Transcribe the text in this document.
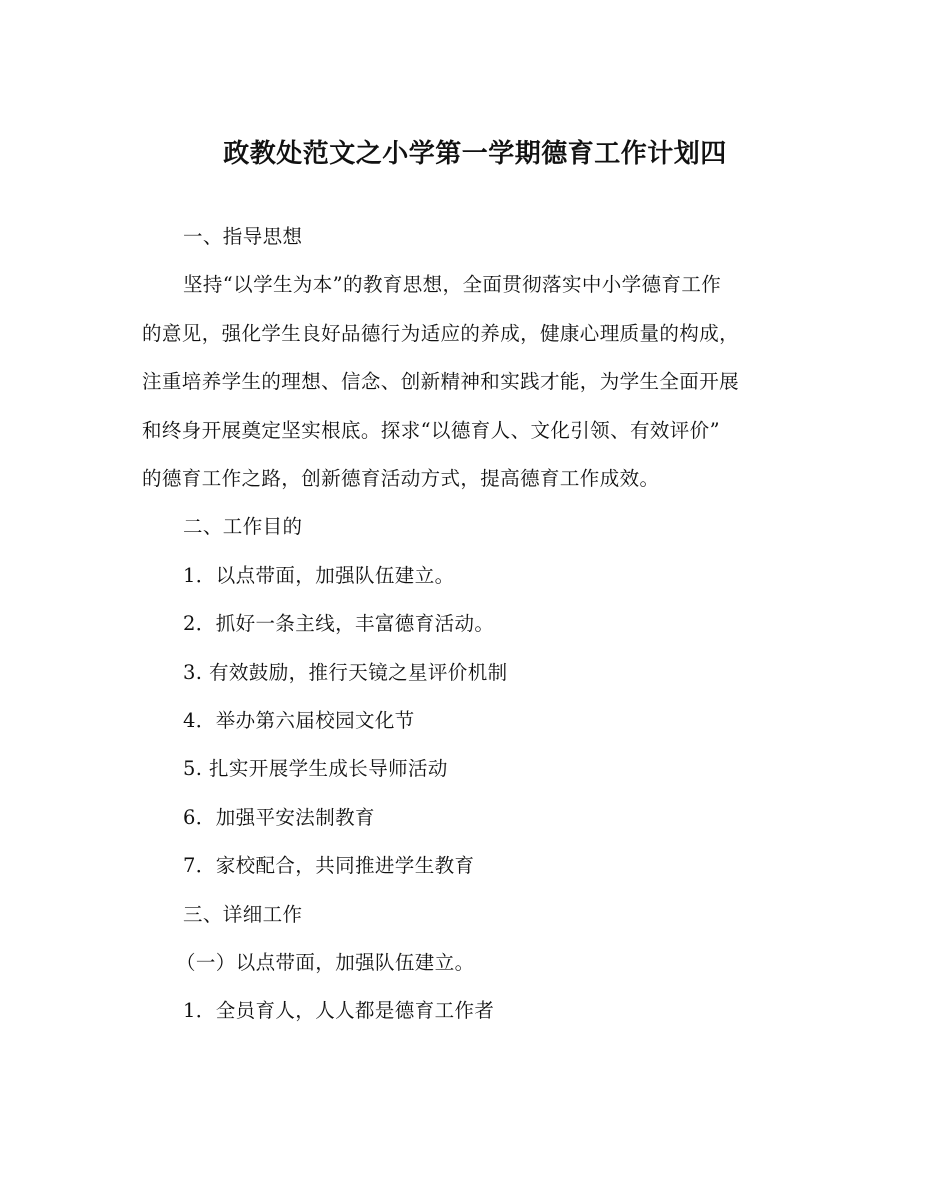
政教处范文之小学第一学期德育工作计划四
一、指导思想
坚持“以学生为本”的教育思想，全面贯彻落实中小学德育工作
的意见，强化学生良好品德行为适应的养成，健康心理质量的构成，
注重培养学生的理想、信念、创新精神和实践才能，为学生全面开展
和终身开展奠定坚实根底。探求“以德育人、文化引领、有效评价”
的德育工作之路，创新德育活动方式，提高德育工作成效。
二、工作目的
1．以点带面，加强队伍建立。
2．抓好一条主线，丰富德育活动。
3. 有效鼓励，推行天镜之星评价机制
4．举办第六届校园文化节
5. 扎实开展学生成长导师活动
6．加强平安法制教育
7．家校配合，共同推进学生教育
三、详细工作
（一）以点带面，加强队伍建立。
1．全员育人，人人都是德育工作者
